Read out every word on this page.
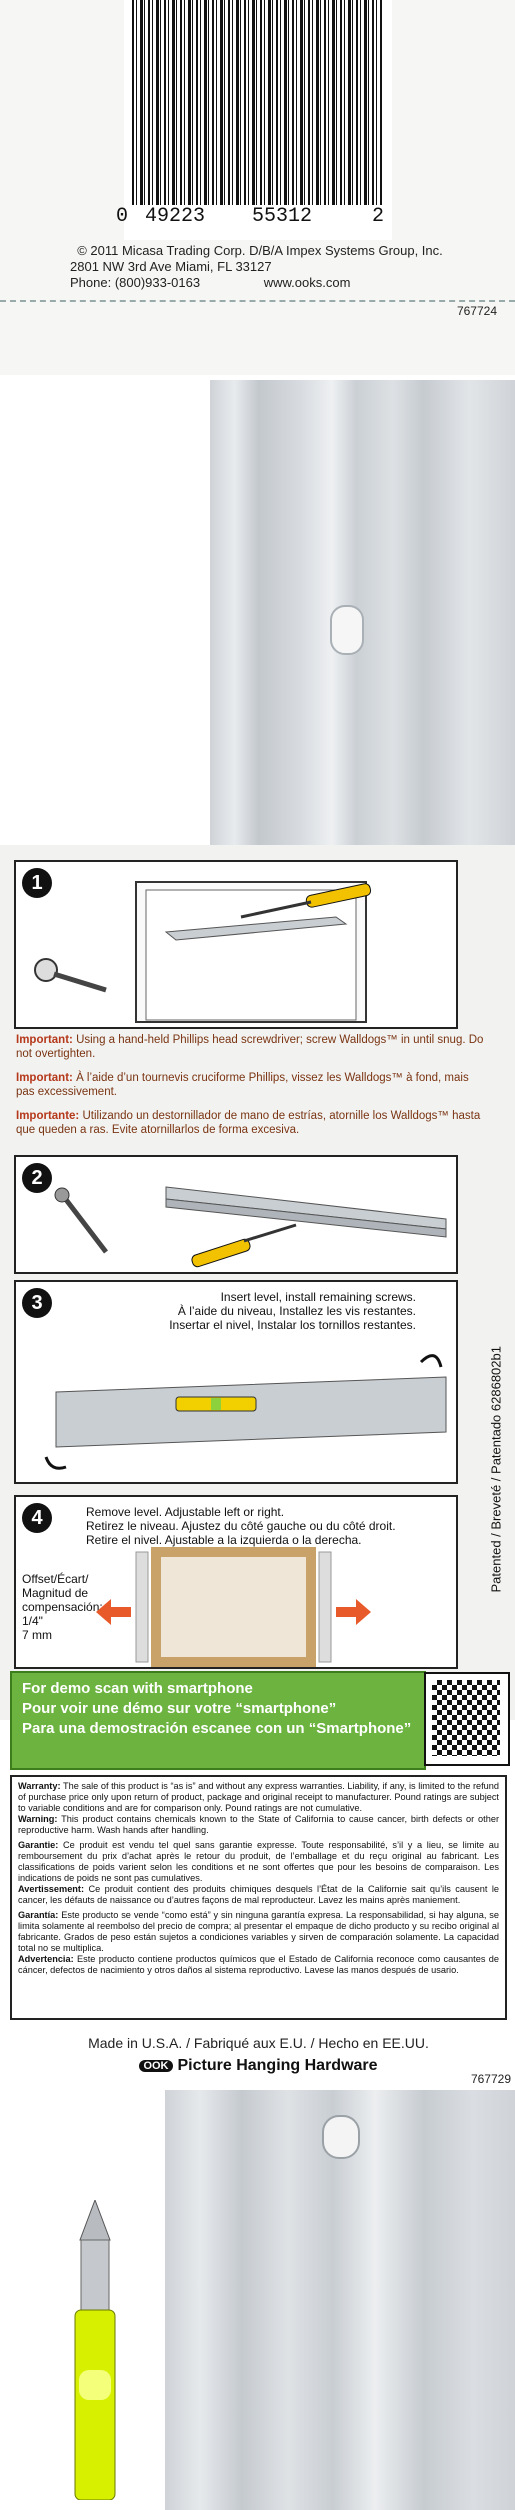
0 49223 55312	2
© 2011 Micasa Trading Corp. D/B/A Impex Systems Group, Inc.
2801 NW 3rd Ave Miami, FL 33127
Phone: (800)933-0163	www.ooks.com
767724
1
Important: Using a hand-held Phillips head screwdriver; screw Walldogs™ in until snug. Do not overtighten.
Important: À l’aide d’un tournevis cruciforme Phillips, vissez les Walldogs™ à fond, mais pas excessivement.
Importante: Utilizando un destornillador de mano de estrías, atornille los Walldogs™ hasta que queden a ras. Evite atornillarlos de forma excesiva.
2
3	Insert level, install remaining screws.
À l’aide du niveau, Installez les vis restantes.
Insertar el nivel, Instalar los tornillos restantes.
4	Remove level. Adjustable left or right.
Retirez le niveau. Ajustez du côté gauche ou du côté droit.
Retire el nivel. Ajustable a la izquierda o la derecha.
Offset/Écart/ Magnitud de compensación:
1/4"
7 mm
Patented / Breveté / Patentado 6286802b1
For demo scan with smartphone
Pour voir une démo sur votre “smartphone”
Para una demostración escanee con un “Smartphone”

Warranty: The sale of this product is “as is” and without any express warranties. Liability, if any, is limited to the refund of purchase price only upon return of product, package and original receipt to manufacturer. Pound ratings are subject to variable conditions and are for comparison only. Pound ratings are not cumulative.
Warning: This product contains chemicals known to the State of California to cause cancer, birth defects or other reproductive harm. Wash hands after handling.

Garantie: Ce produit est vendu tel quel sans garantie expresse. Toute responsabilité, s’il y a lieu, se limite au remboursement du prix d’achat après le retour du produit, de l’emballage et du reçu original au fabricant. Les classifications de poids varient selon les conditions et ne sont offertes que pour les besoins de comparaison. Les indications de poids ne sont pas cumulatives.
Avertissement: Ce produit contient des produits chimiques desquels l’État de la Californie sait qu’ils causent le cancer, les défauts de naissance ou d’autres façons de mal reproducteur. Lavez les mains après maniement.

Garantía: Este producto se vende “como está” y sin ninguna garantía expresa. La responsabilidad, si hay alguna, se limita solamente al reembolso del precio de compra; al presentar el empaque de dicho producto y su recibo original al fabricante. Grados de peso están sujetos a condiciones variables y sirven de comparación solamente. La capacidad total no se multiplica.
Advertencia: Este producto contiene productos químicos que el Estado de California reconoce como causantes de cáncer, defectos de nacimiento y otros daños al sistema reproductivo. Lavese las manos después de usario.

Made in U.S.A. / Fabriqué aux E.U. / Hecho en EE.UU.
OOK Picture Hanging Hardware
767729
